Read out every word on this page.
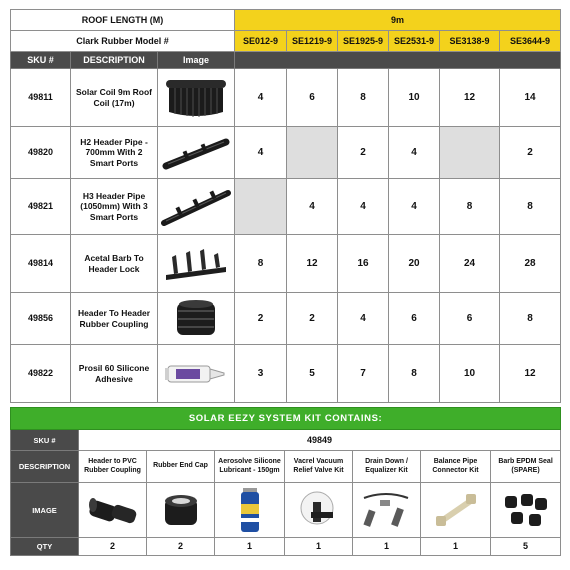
ROOF LENGTH (M)			9m					
Clark Rubber Model #			SE012-9	SE1219-9	SE1925-9	SE2531-9	SE3138-9	SE3644-9
SKU #	DESCRIPTION	Image						
49811	Solar Coil 9m Roof Coil (17m)		4	6	8	10	12	14
49820	H2 Header Pipe - 700mm With 2 Smart Ports		4		2	4		2
49821	H3 Header Pipe (1050mm) With 3 Smart Ports			4	4	4	8	8
49814	Acetal Barb To Header Lock		8	12	16	20	24	28
49856	Header To Header Rubber Coupling		2	2	4	6	6	8
49822	Prosil 60 Silicone Adhesive		3	5	7	8	10	12
SOLAR EEZY SYSTEM KIT CONTAINS:							
SKU #	49849						
DESCRIPTION	Header to PVC Rubber Coupling	Rubber End Cap	Aerosolve Silicone Lubricant - 150gm	Vacrel Vacuum Relief Valve Kit	Drain Down / Equalizer Kit	Balance Pipe Connector Kit	Barb EPDM Seal (SPARE)
IMAGE	

QTY	2	2	1	1	1	1	5
